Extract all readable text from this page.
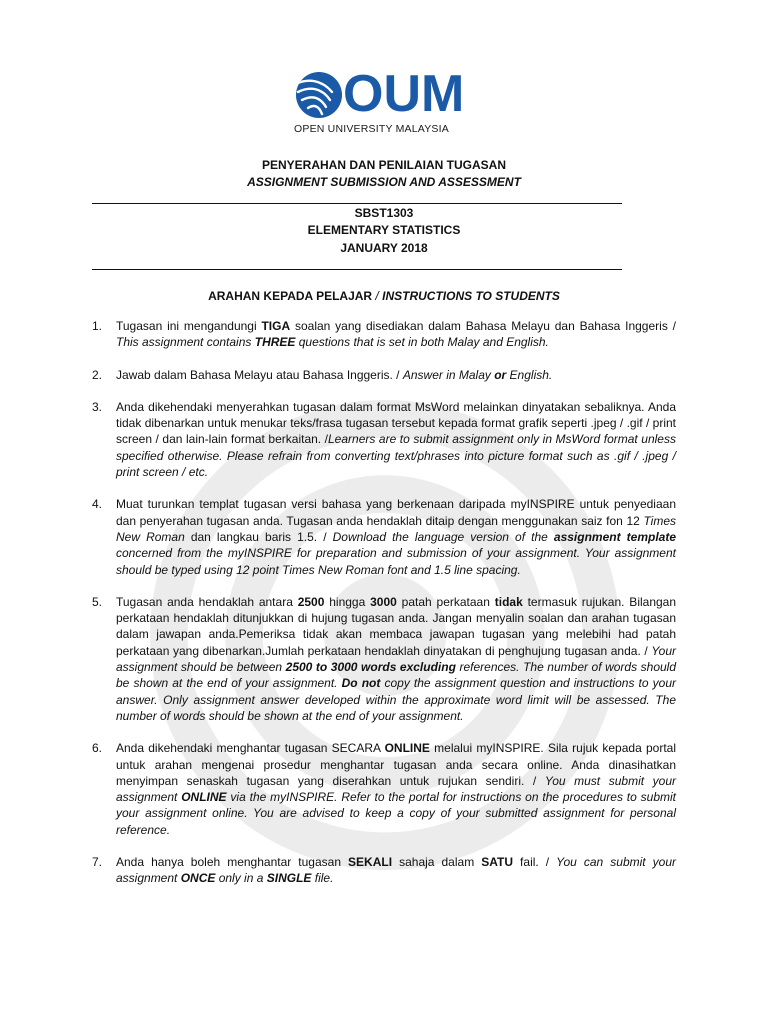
OUM
OPEN UNIVERSITY MALAYSIA
PENYERAHAN DAN PENILAIAN TUGASAN
ASSIGNMENT SUBMISSION AND ASSESSMENT
SBST1303
ELEMENTARY STATISTICS
JANUARY 2018
ARAHAN KEPADA PELAJAR / INSTRUCTIONS TO STUDENTS
1. Tugasan ini mengandungi TIGA soalan yang disediakan dalam Bahasa Melayu dan Bahasa Inggeris / This assignment contains THREE questions that is set in both Malay and English.
2. Jawab dalam Bahasa Melayu atau Bahasa Inggeris. / Answer in Malay or English.
3. Anda dikehendaki menyerahkan tugasan dalam format MsWord melainkan dinyatakan sebaliknya. Anda tidak dibenarkan untuk menukar teks/frasa tugasan tersebut kepada format grafik seperti .jpeg / .gif / print screen / dan lain-lain format berkaitan. /Learners are to submit assignment only in MsWord format unless specified otherwise. Please refrain from converting text/phrases into picture format such as .gif / .jpeg / print screen / etc.
4. Muat turunkan templat tugasan versi bahasa yang berkenaan daripada myINSPIRE untuk penyediaan dan penyerahan tugasan anda. Tugasan anda hendaklah ditaip dengan menggunakan saiz fon 12 Times New Roman dan langkau baris 1.5. / Download the language version of the assignment template concerned from the myINSPIRE for preparation and submission of your assignment. Your assignment should be typed using 12 point Times New Roman font and 1.5 line spacing.
5. Tugasan anda hendaklah antara 2500 hingga 3000 patah perkataan tidak termasuk rujukan. Bilangan perkataan hendaklah ditunjukkan di hujung tugasan anda. Jangan menyalin soalan dan arahan tugasan dalam jawapan anda.Pemeriksa tidak akan membaca jawapan tugasan yang melebihi had patah perkataan yang dibenarkan.Jumlah perkataan hendaklah dinyatakan di penghujung tugasan anda. / Your assignment should be between 2500 to 3000 words excluding references. The number of words should be shown at the end of your assignment. Do not copy the assignment question and instructions to your answer. Only assignment answer developed within the approximate word limit will be assessed. The number of words should be shown at the end of your assignment.
6. Anda dikehendaki menghantar tugasan SECARA ONLINE melalui myINSPIRE. Sila rujuk kepada portal untuk arahan mengenai prosedur menghantar tugasan anda secara online. Anda dinasihatkan menyimpan senaskah tugasan yang diserahkan untuk rujukan sendiri. / You must submit your assignment ONLINE via the myINSPIRE. Refer to the portal for instructions on the procedures to submit your assignment online. You are advised to keep a copy of your submitted assignment for personal reference.
7. Anda hanya boleh menghantar tugasan SEKALI sahaja dalam SATU fail. / You can submit your assignment ONCE only in a SINGLE file.
